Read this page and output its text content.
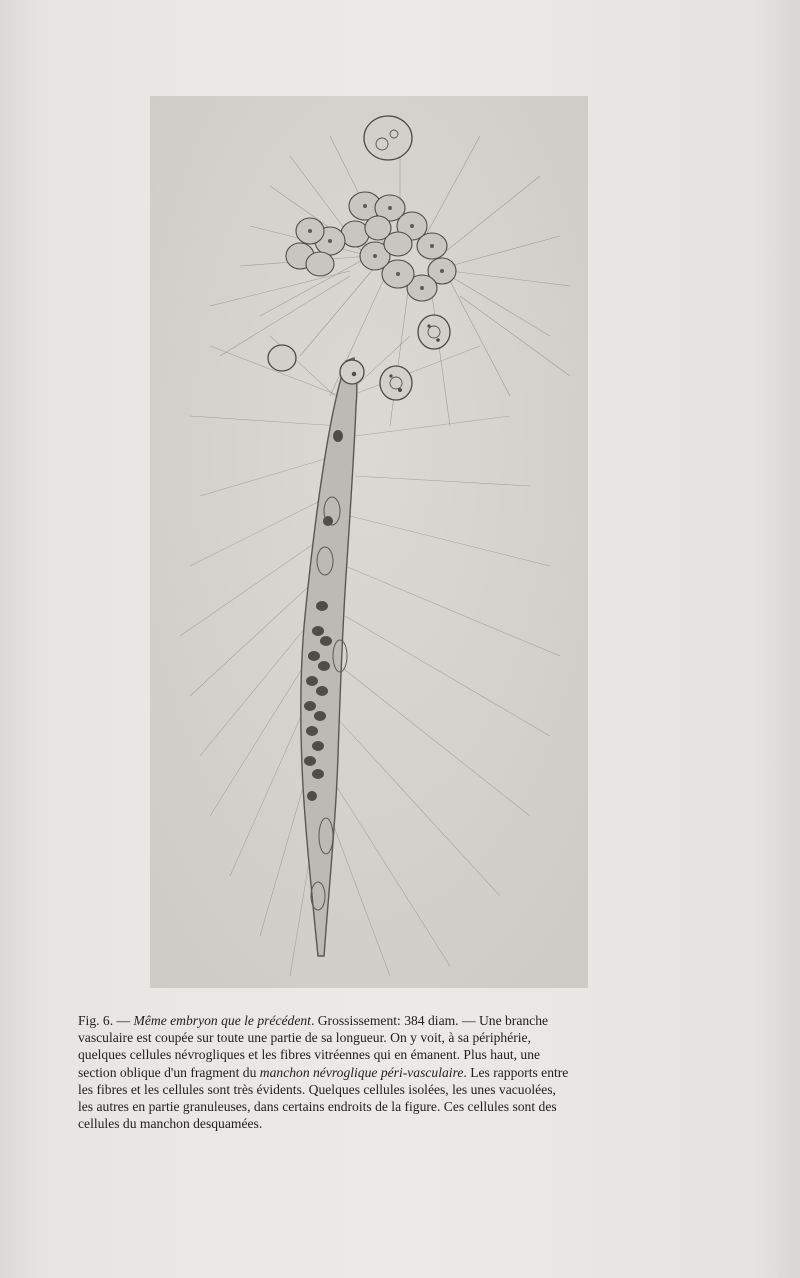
Fig. 6. — Même embryon que le précédent. Grossissement: 384 diam. — Une branche
vasculaire est coupée sur toute une partie de sa longueur. On y voit, à sa périphérie,
quelques cellules névrogliques et les fibres vitréennes qui en émanent. Plus haut, une
section oblique d'un fragment du manchon névroglique péri-vasculaire. Les rapports entre
les fibres et les cellules sont très évidents. Quelques cellules isolées, les unes vacuolées,
les autres en partie granuleuses, dans certains endroits de la figure. Ces cellules sont des
cellules du manchon desquamées.
